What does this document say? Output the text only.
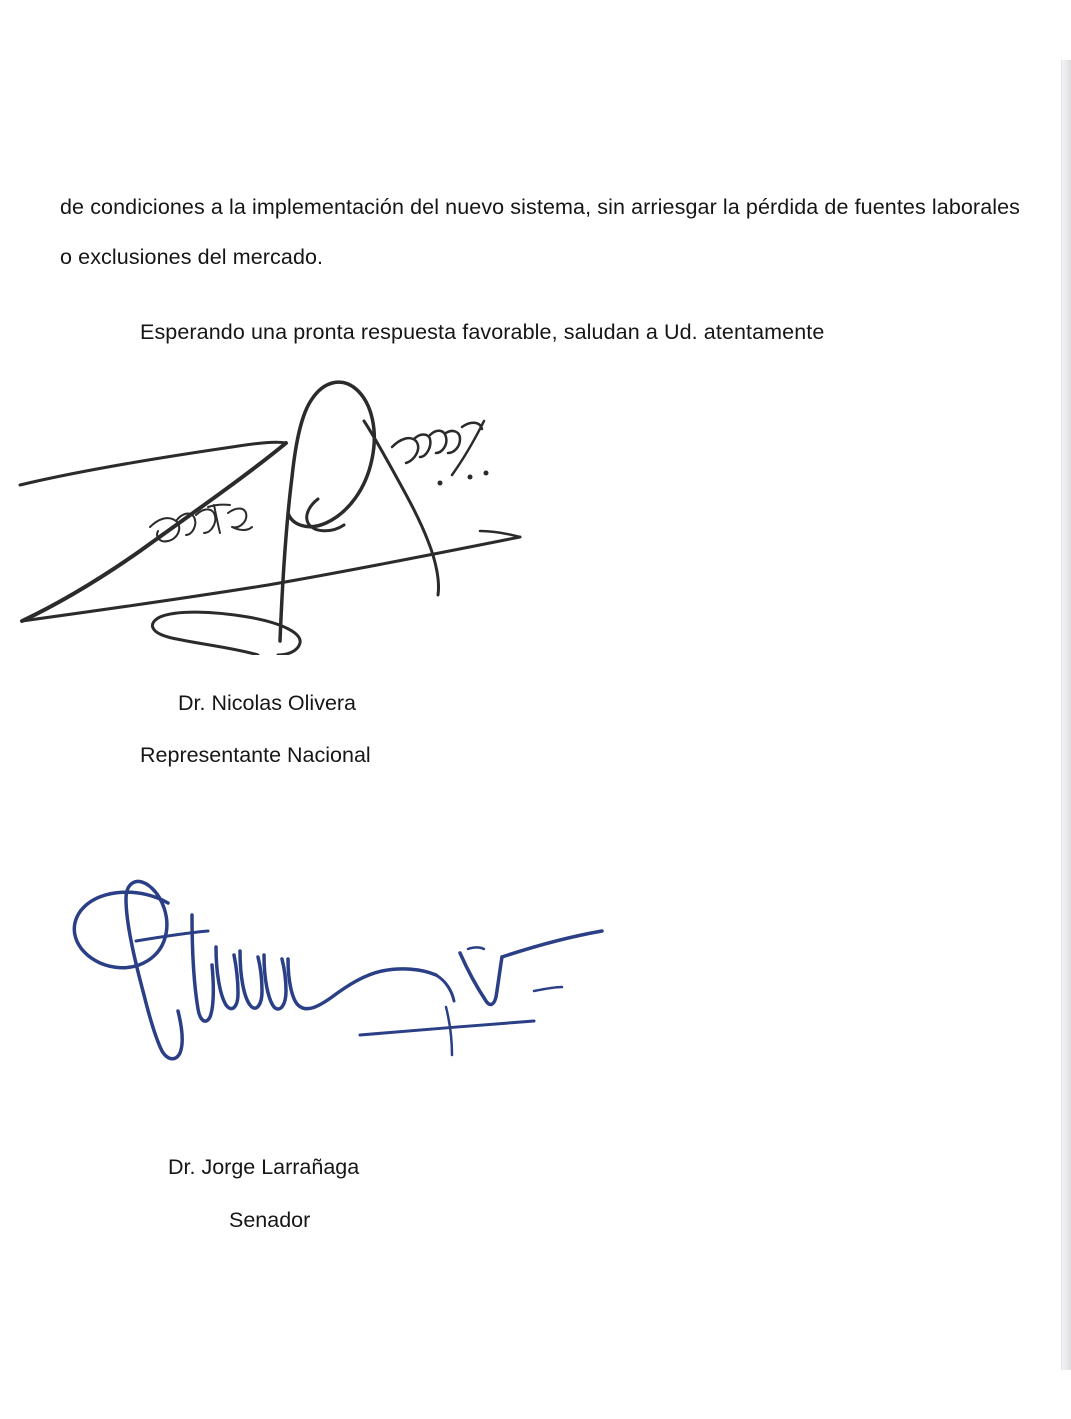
de condiciones a la implementación del nuevo sistema, sin arriesgar la pérdida de fuentes laborales o exclusiones del mercado.

Esperando una pronta respuesta favorable, saludan a Ud. atentamente

Dr. Nicolas Olivera
Representante Nacional
Dr. Jorge Larrañaga
Senador
